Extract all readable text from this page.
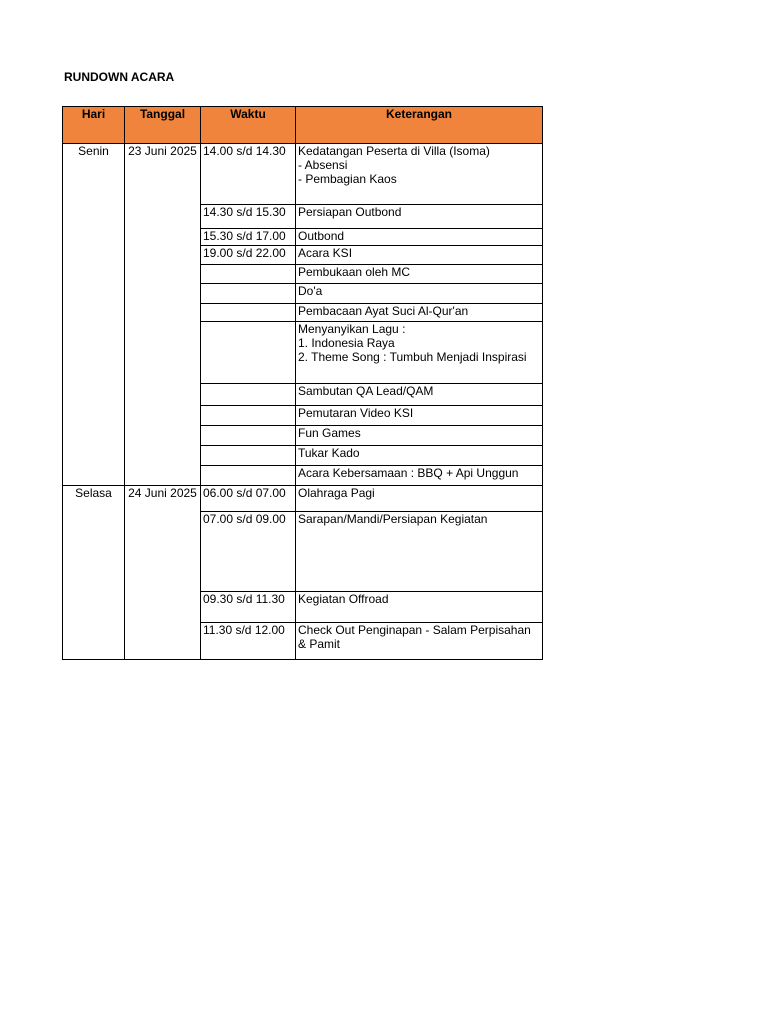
RUNDOWN ACARA
Hari	Tanggal	Waktu	Keterangan
Senin	23 Juni 2025	14.00 s/d 14.30	Kedatangan Peserta di Villa (Isoma)
- Absensi
- Pembagian Kaos
		14.30 s/d 15.30	Persiapan Outbond
		15.30 s/d 17.00	Outbond
		19.00 s/d 22.00	Acara KSI
			Pembukaan oleh MC
			Do'a
			Pembacaan Ayat Suci Al-Qur'an
			Menyanyikan Lagu :
1. Indonesia Raya
2. Theme Song : Tumbuh Menjadi Inspirasi
			Sambutan QA Lead/QAM
			Pemutaran Video KSI
			Fun Games
			Tukar Kado
			Acara Kebersamaan : BBQ + Api Unggun
Selasa	24 Juni 2025	06.00 s/d 07.00	Olahraga Pagi
		07.00 s/d 09.00	Sarapan/Mandi/Persiapan Kegiatan
		09.30 s/d 11.30	Kegiatan Offroad
		11.30 s/d 12.00	Check Out Penginapan - Salam Perpisahan
& Pamit
